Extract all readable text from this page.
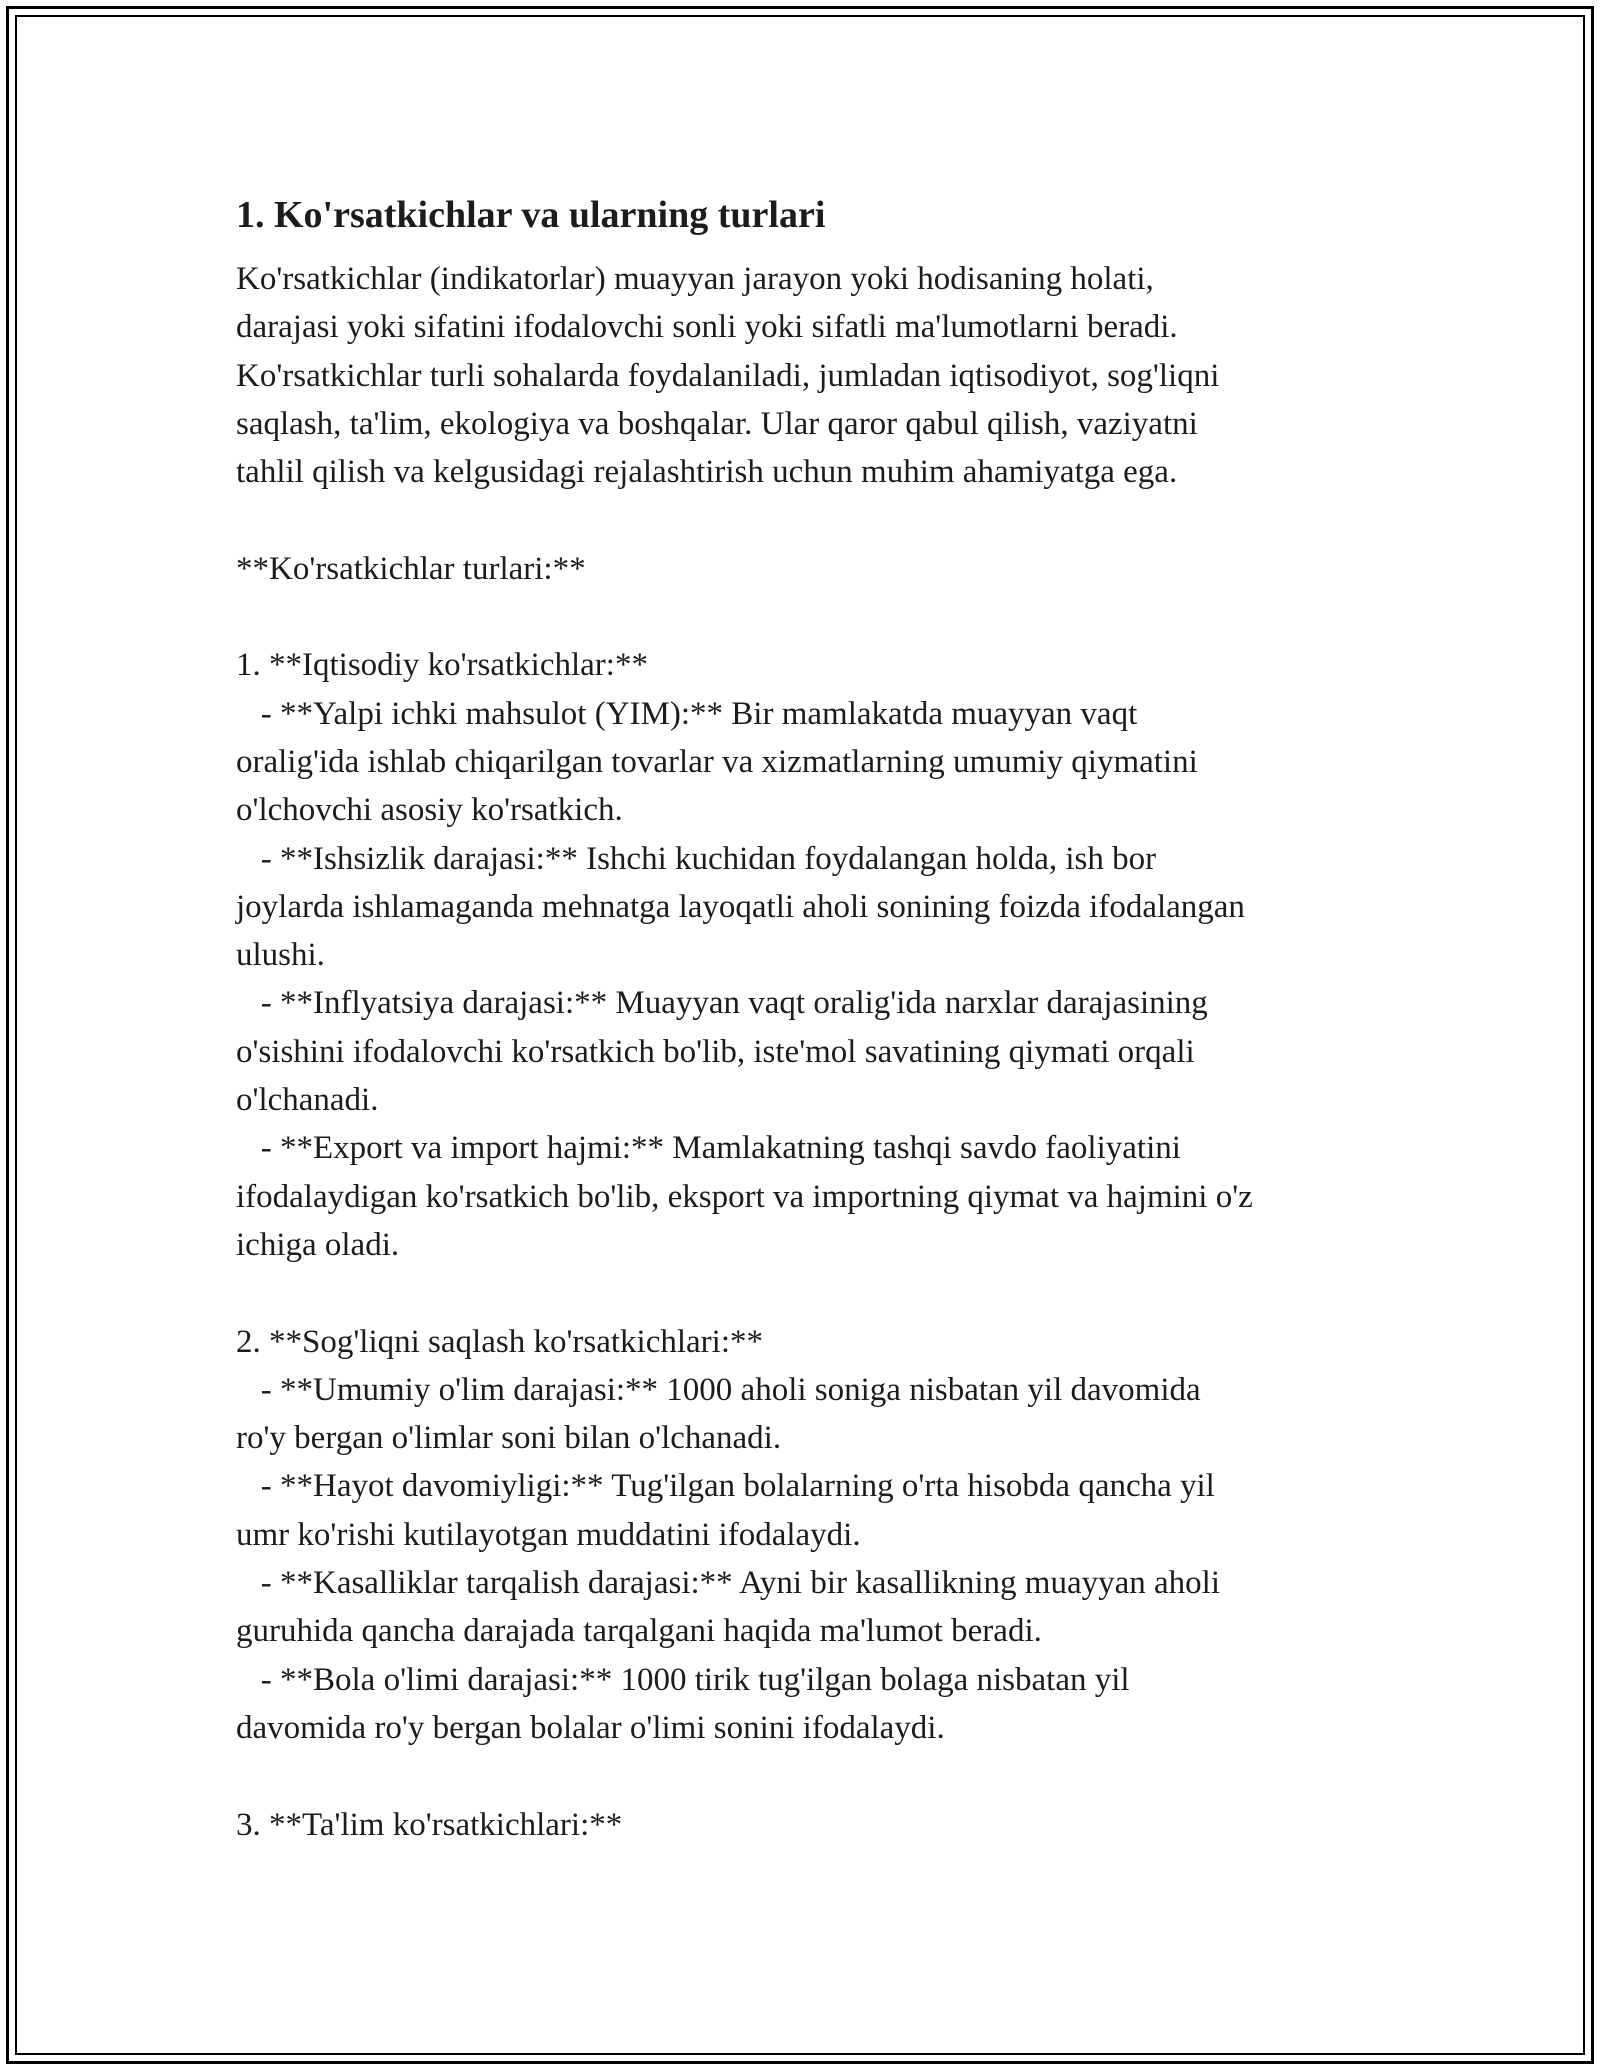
1. Ko'rsatkichlar va ularning turlari

Ko'rsatkichlar (indikatorlar) muayyan jarayon yoki hodisaning holati,

darajasi yoki sifatini ifodalovchi sonli yoki sifatli ma'lumotlarni beradi.

Ko'rsatkichlar turli sohalarda foydalaniladi, jumladan iqtisodiyot, sog'liqni

saqlash, ta'lim, ekologiya va boshqalar. Ular qaror qabul qilish, vaziyatni

tahlil qilish va kelgusidagi rejalashtirish uchun muhim ahamiyatga ega.

**Ko'rsatkichlar turlari:**

1. **Iqtisodiy ko'rsatkichlar:**

- **Yalpi ichki mahsulot (YIM):** Bir mamlakatda muayyan vaqt

oralig'ida ishlab chiqarilgan tovarlar va xizmatlarning umumiy qiymatini

o'lchovchi asosiy ko'rsatkich.

- **Ishsizlik darajasi:** Ishchi kuchidan foydalangan holda, ish bor

joylarda ishlamaganda mehnatga layoqatli aholi sonining foizda ifodalangan

ulushi.

- **Inflyatsiya darajasi:** Muayyan vaqt oralig'ida narxlar darajasining

o'sishini ifodalovchi ko'rsatkich bo'lib, iste'mol savatining qiymati orqali

o'lchanadi.

- **Export va import hajmi:** Mamlakatning tashqi savdo faoliyatini

ifodalaydigan ko'rsatkich bo'lib, eksport va importning qiymat va hajmini o'z

ichiga oladi.

2. **Sog'liqni saqlash ko'rsatkichlari:**

- **Umumiy o'lim darajasi:** 1000 aholi soniga nisbatan yil davomida

ro'y bergan o'limlar soni bilan o'lchanadi.

- **Hayot davomiyligi:** Tug'ilgan bolalarning o'rta hisobda qancha yil

umr ko'rishi kutilayotgan muddatini ifodalaydi.

- **Kasalliklar tarqalish darajasi:** Ayni bir kasallikning muayyan aholi

guruhida qancha darajada tarqalgani haqida ma'lumot beradi.

- **Bola o'limi darajasi:** 1000 tirik tug'ilgan bolaga nisbatan yil

davomida ro'y bergan bolalar o'limi sonini ifodalaydi.

3. **Ta'lim ko'rsatkichlari:**
